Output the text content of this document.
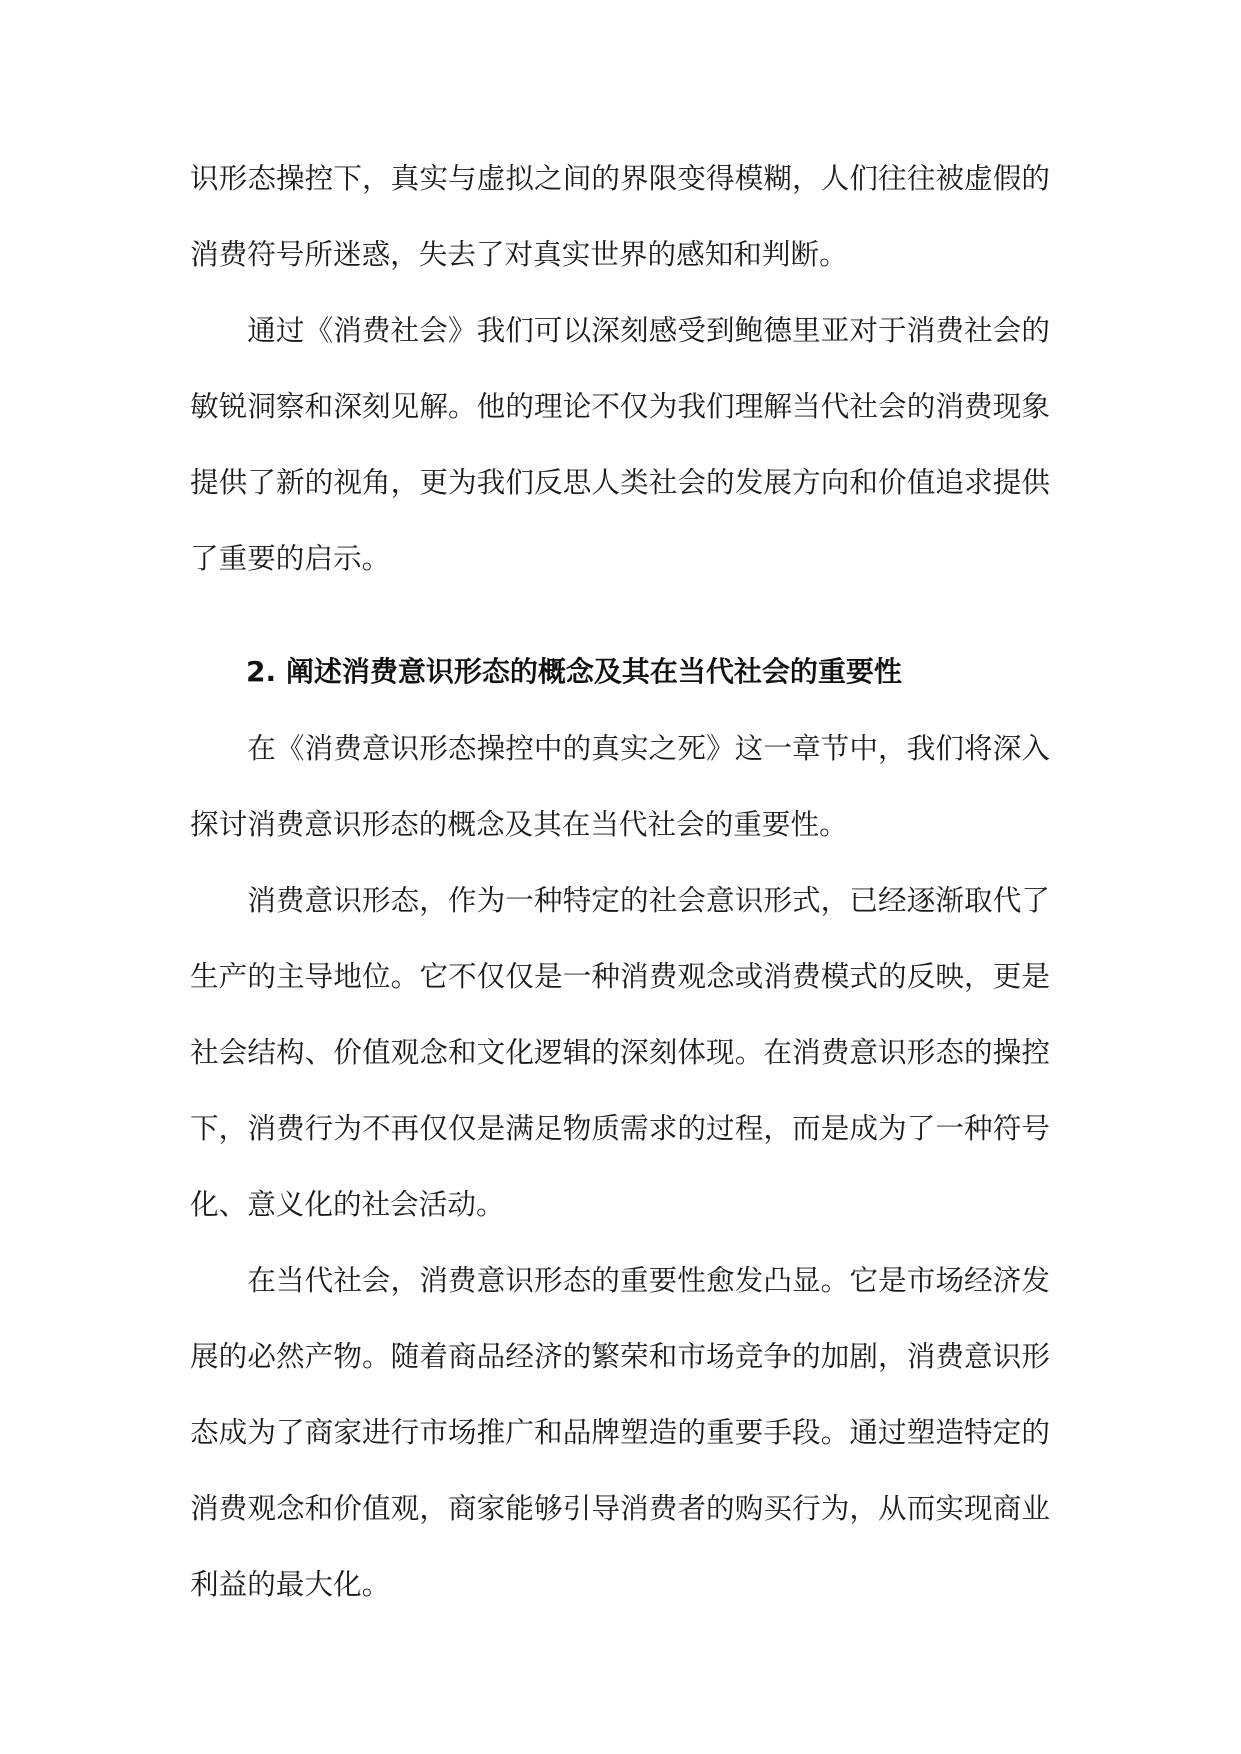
识形态操控下，真实与虚拟之间的界限变得模糊，人们往往被虚假的消费符号所迷惑，失去了对真实世界的感知和判断。

通过《消费社会》我们可以深刻感受到鲍德里亚对于消费社会的敏锐洞察和深刻见解。他的理论不仅为我们理解当代社会的消费现象提供了新的视角，更为我们反思人类社会的发展方向和价值追求提供了重要的启示。

2. 阐述消费意识形态的概念及其在当代社会的重要性

在《消费意识形态操控中的真实之死》这一章节中，我们将深入探讨消费意识形态的概念及其在当代社会的重要性。

消费意识形态，作为一种特定的社会意识形式，已经逐渐取代了生产的主导地位。它不仅仅是一种消费观念或消费模式的反映，更是社会结构、价值观念和文化逻辑的深刻体现。在消费意识形态的操控下，消费行为不再仅仅是满足物质需求的过程，而是成为了一种符号化、意义化的社会活动。

在当代社会，消费意识形态的重要性愈发凸显。它是市场经济发展的必然产物。随着商品经济的繁荣和市场竞争的加剧，消费意识形态成为了商家进行市场推广和品牌塑造的重要手段。通过塑造特定的消费观念和价值观，商家能够引导消费者的购买行为，从而实现商业利益的最大化。
